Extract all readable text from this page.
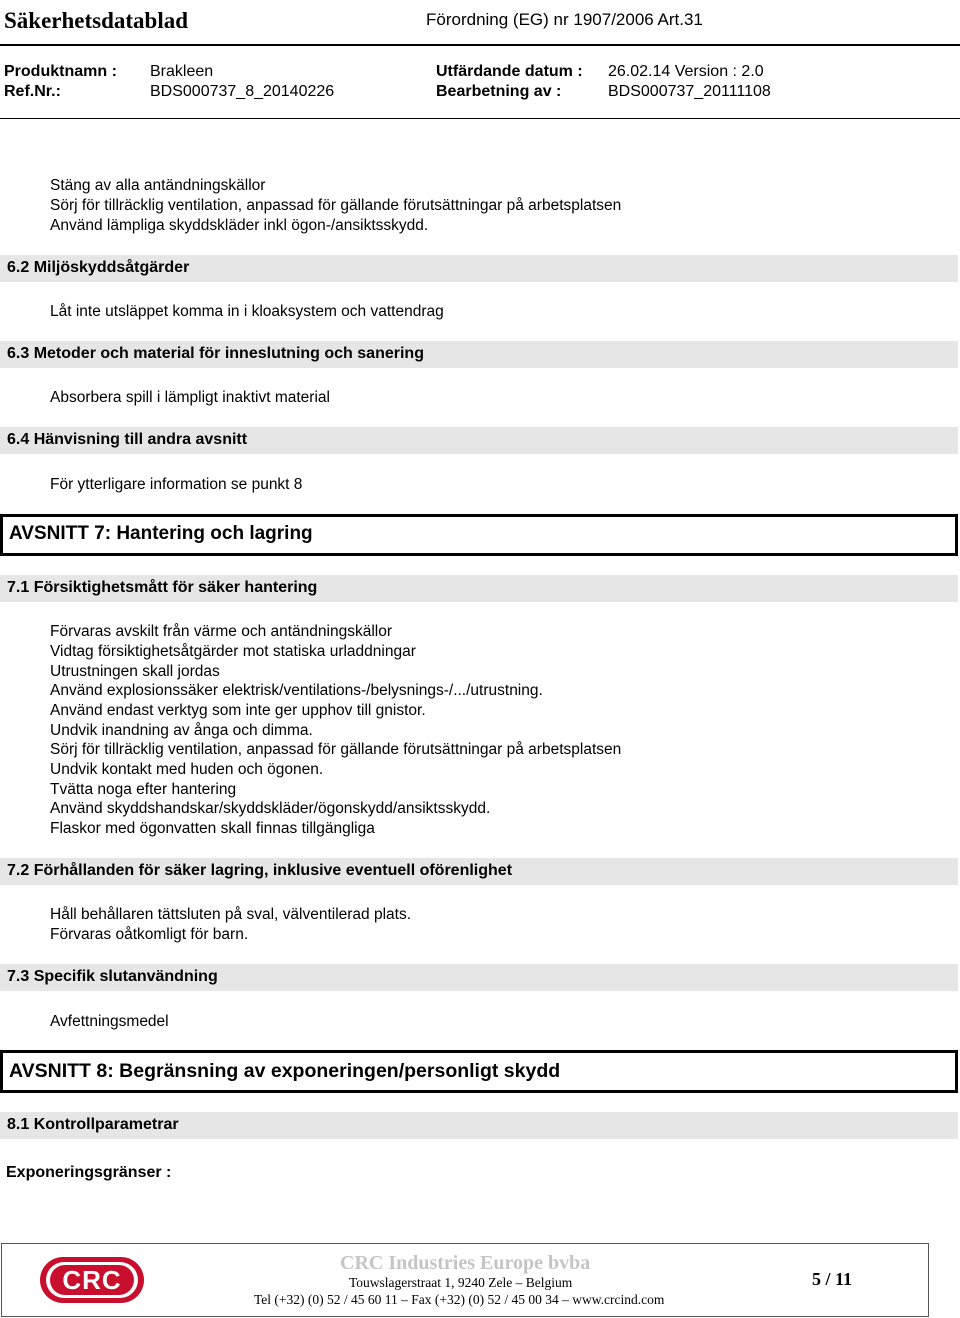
Säkerhetsdatablad	Förordning (EG) nr 1907/2006 Art.31
Produktnamn : Brakleen	Utfärdande datum : 26.02.14 Version : 2.0
Ref.Nr.:	BDS000737_8_20140226	Bearbetning av :	BDS000737_20111108
Stäng av alla antändningskällor
Sörj för tillräcklig ventilation, anpassad för gällande förutsättningar på arbetsplatsen
Använd lämpliga skyddskläder inkl ögon-/ansiktsskydd.
6.2 Miljöskyddsåtgärder
Låt inte utsläppet komma in i kloaksystem och vattendrag
6.3 Metoder och material för inneslutning och sanering
Absorbera spill i lämpligt inaktivt material
6.4 Hänvisning till andra avsnitt
För ytterligare information se punkt 8
AVSNITT 7: Hantering och lagring
7.1 Försiktighetsmått för säker hantering
Förvaras avskilt från värme och antändningskällor
Vidtag försiktighetsåtgärder mot statiska urladdningar
Utrustningen skall jordas
Använd explosionssäker elektrisk/ventilations-/belysnings-/.../utrustning.
Använd endast verktyg som inte ger upphov till gnistor.
Undvik inandning av ånga och dimma.
Sörj för tillräcklig ventilation, anpassad för gällande förutsättningar på arbetsplatsen
Undvik kontakt med huden och ögonen.
Tvätta noga efter hantering
Använd skyddshandskar/skyddskläder/ögonskydd/ansiktsskydd.
Flaskor med ögonvatten skall finnas tillgängliga
7.2 Förhållanden för säker lagring, inklusive eventuell oförenlighet
Håll behållaren tättsluten på sval, välventilerad plats.
Förvaras oåtkomligt för barn.
7.3 Specifik slutanvändning
Avfettningsmedel
AVSNITT 8: Begränsning av exponeringen/personligt skydd
8.1 Kontrollparametrar
Exponeringsgränser :
CRC
CRC Industries Europe bvba
Touwslagerstraat 1, 9240 Zele – Belgium
Tel (+32) (0) 52 / 45 60 11 – Fax (+32) (0) 52 / 45 00 34 – www.crcind.com
5 / 11
